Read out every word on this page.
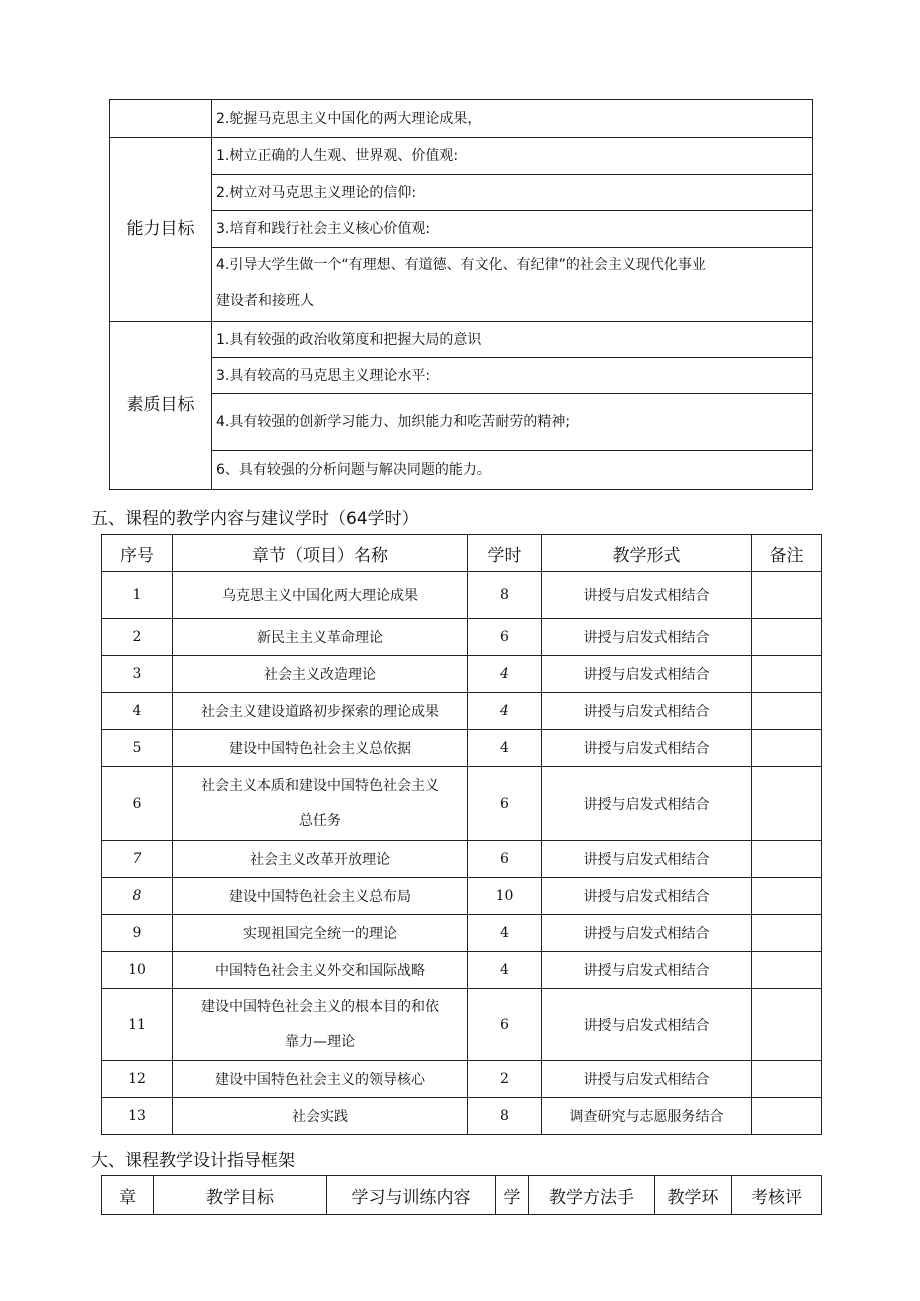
	2.鸵握马克思主义中国化的两大理论成果，
能力目标	1.树立正确的人生观、世界观、价值观:
	2.树立对马克思主义理论的信仰:
	3.培育和践行社会主义核心价值观:

	4.引导大学生做一个“有理想、有道德、有文化、有纪律”的社会主义现代化事业
建设者和接班人

素质目标	1.具有较强的政治收第度和把握大局的意识
	3.具有较高的马克思主义理论水平:
	4.具有较强的创新学习能力、加织能力和吃苦耐劳的精神;
	6、具有较强的分析问题与解决同题的能力。
五、课程的教学内容与建议学时（64学时）
序号	章节（项目）名称	学时	教学形式	备注
1	乌克思主义中国化两大理论成果	8	讲授与启发式相结合	
2	新民主主义革命理论	6	讲授与启发式相结合	
3	社会主义改造理论	4	讲授与启发式相结合	
4	社会主义建设道路初步探索的理论成果	4	讲授与启发式相结合	
5	建设中国特色社会主义总依据	4	讲授与启发式相结合	
6	社会主义本质和建设中国特色社会主义
总任务	6	讲授与启发式相结合	
7	社会主义改革开放理论	6	讲授与启发式相结合	
8	建设中国特色社会主义总布局	10	讲授与启发式相结合	
9	实现祖国完全统一的理论	4	讲授与启发式相结合	
10	中国特色社会主义外交和国际战略	4	讲授与启发式相结合	
11	建设中国特色社会主义的根本目的和依
靠力—理论	6	讲授与启发式相结合	
12	建设中国特色社会主义的领导核心	2	讲授与启发式相结合	
13	社会实践	8	调查研究与志愿服务结合	
大、课程教学设计指导框架
章	教学目标	学习与训练内容	学	教学方法手	教学环	考核评
